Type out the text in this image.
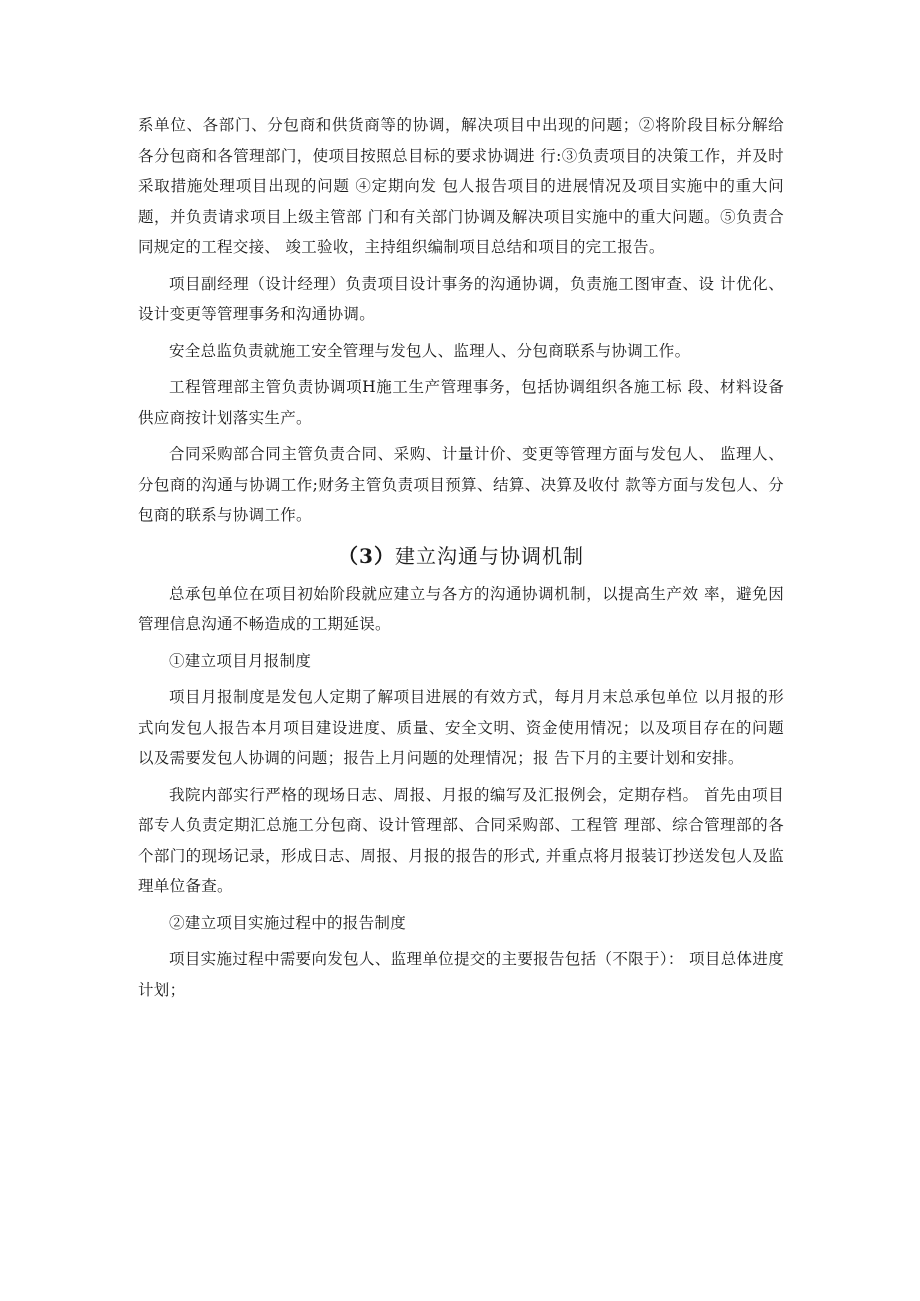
系单位、各部门、分包商和供货商等的协调，解决项目中出现的问题；②将阶段目标分解给各分包商和各管理部门，使项目按照总目标的要求协调进 行:③负责项目的决策工作，并及时采取措施处理项目出现的问题 ④定期向发 包人报告项目的进展情况及项目实施中的重大问题，并负责请求项目上级主管部 门和有关部门协调及解决项目实施中的重大问题。⑤负责合同规定的工程交接、 竣工验收，主持组织编制项目总结和项目的完工报告。

项目副经理（设计经理）负责项目设计事务的沟通协调，负责施工图审查、设 计优化、设计变更等管理事务和沟通协调。

安全总监负责就施工安全管理与发包人、监理人、分包商联系与协调工作。

工程管理部主管负责协调项H施工生产管理事务，包括协调组织各施工标 段、材料设备供应商按计划落实生产。

合同采购部合同主管负责合同、采购、计量计价、变更等管理方面与发包人、 监理人、分包商的沟通与协调工作;财务主管负责项目预算、结算、决算及收付 款等方面与发包人、分包商的联系与协调工作。

（3）建立沟通与协调机制

总承包单位在项目初始阶段就应建立与各方的沟通协调机制，以提高生产效 率，避免因管理信息沟通不畅造成的工期延误。

①建立项目月报制度

项目月报制度是发包人定期了解项目进展的有效方式，每月月末总承包单位 以月报的形式向发包人报告本月项目建设进度、质量、安全文明、资金使用情况；以及项目存在的问题以及需要发包人协调的问题；报告上月问题的处理情况；报 告下月的主要计划和安排。

我院内部实行严格的现场日志、周报、月报的编写及汇报例会，定期存档。 首先由项目部专人负责定期汇总施工分包商、设计管理部、合同采购部、工程管 理部、综合管理部的各个部门的现场记录，形成日志、周报、月报的报告的形式, 并重点将月报装订抄送发包人及监理单位备查。

②建立项目实施过程中的报告制度

项目实施过程中需要向发包人、监理单位提交的主要报告包括（不限于）： 项目总体进度计划；
